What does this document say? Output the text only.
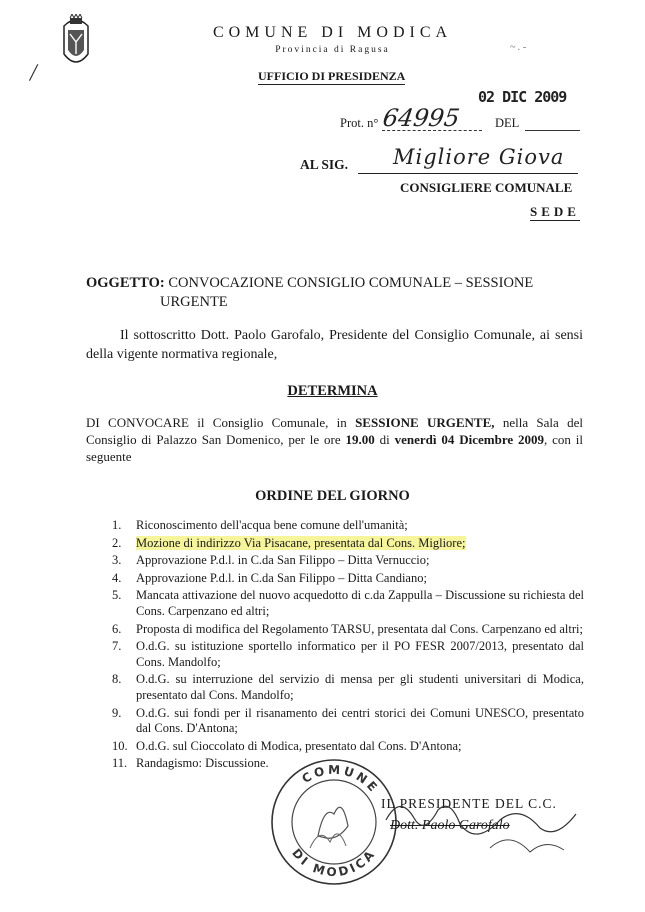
/
~ . -
COMUNE DI MODICA
Provincia di Ragusa
UFFICIO DI PRESIDENZA
02 DIC 2009
Prot. n° 64995	DEL
AL SIG. Migliore Giova
CONSIGLIERE COMUNALE
SEDE
OGGETTO: CONVOCAZIONE CONSIGLIO COMUNALE – SESSIONE
URGENTE
Il sottoscritto Dott. Paolo Garofalo, Presidente del Consiglio Comunale, ai sensi della vigente normativa regionale,
DETERMINA
DI CONVOCARE il Consiglio Comunale, in SESSIONE URGENTE, nella Sala del Consiglio di Palazzo San Domenico, per le ore 19.00 di venerdì 04 Dicembre 2009, con il seguente
ORDINE DEL GIORNO
1.	Riconoscimento dell'acqua bene comune dell'umanità;
2.	Mozione di indirizzo Via Pisacane, presentata dal Cons. Migliore;
3.	Approvazione P.d.l. in C.da San Filippo – Ditta Vernuccio;
4.	Approvazione P.d.l. in C.da San Filippo – Ditta Candiano;
5.	Mancata attivazione del nuovo acquedotto di c.da Zappulla – Discussione su richiesta del Cons. Carpenzano ed altri;
6.	Proposta di modifica del Regolamento TARSU, presentata dal Cons. Carpenzano ed altri;
7.	O.d.G. su istituzione sportello informatico per il PO FESR 2007/2013, presentato dal Cons. Mandolfo;
8.	O.d.G. su interruzione del servizio di mensa per gli studenti universitari di Modica, presentato dal Cons. Mandolfo;
9.	O.d.G. sui fondi per il risanamento dei centri storici dei Comuni UNESCO, presentato dal Cons. D'Antona;
10. O.d.G. sul Cioccolato di Modica, presentato dal Cons. D'Antona;
11. Randagismo: Discussione.
COMUNE
DI MODICA
IL PRESIDENTE DEL C.C.
Dott. Paolo Garofalo
